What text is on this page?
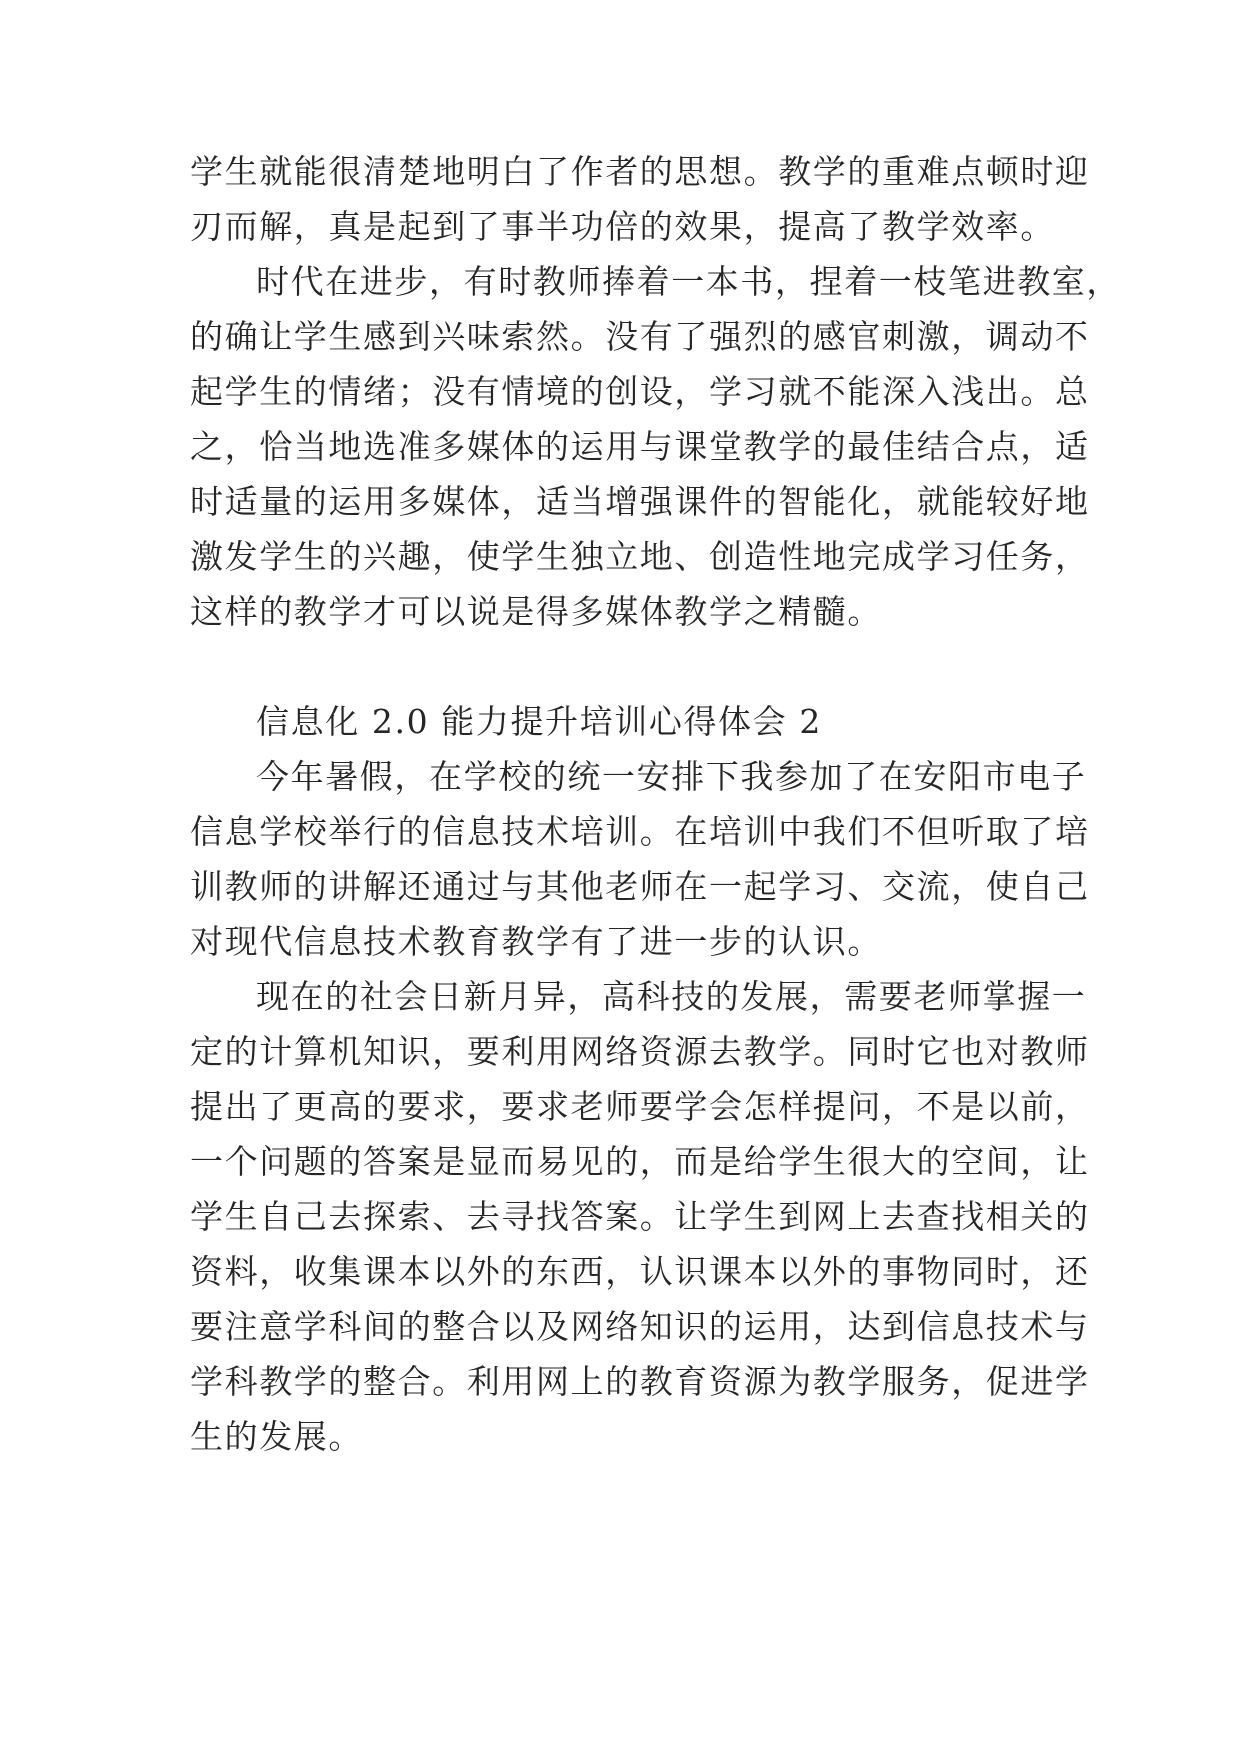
学生就能很清楚地明白了作者的思想。教学的重难点顿时迎

刃而解，真是起到了事半功倍的效果，提高了教学效率。

时代在进步，有时教师捧着一本书，捏着一枝笔进教室，

的确让学生感到兴味索然。没有了强烈的感官刺激，调动不

起学生的情绪；没有情境的创设，学习就不能深入浅出。总

之，恰当地选准多媒体的运用与课堂教学的最佳结合点，适

时适量的运用多媒体，适当增强课件的智能化，就能较好地

激发学生的兴趣，使学生独立地、创造性地完成学习任务，

这样的教学才可以说是得多媒体教学之精髓。

信息化 2.0 能力提升培训心得体会 2

今年暑假，在学校的统一安排下我参加了在安阳市电子

信息学校举行的信息技术培训。在培训中我们不但听取了培

训教师的讲解还通过与其他老师在一起学习、交流，使自己

对现代信息技术教育教学有了进一步的认识。

现在的社会日新月异，高科技的发展，需要老师掌握一

定的计算机知识，要利用网络资源去教学。同时它也对教师

提出了更高的要求，要求老师要学会怎样提问，不是以前，

一个问题的答案是显而易见的，而是给学生很大的空间，让

学生自己去探索、去寻找答案。让学生到网上去查找相关的

资料，收集课本以外的东西，认识课本以外的事物同时，还

要注意学科间的整合以及网络知识的运用，达到信息技术与

学科教学的整合。利用网上的教育资源为教学服务，促进学

生的发展。
